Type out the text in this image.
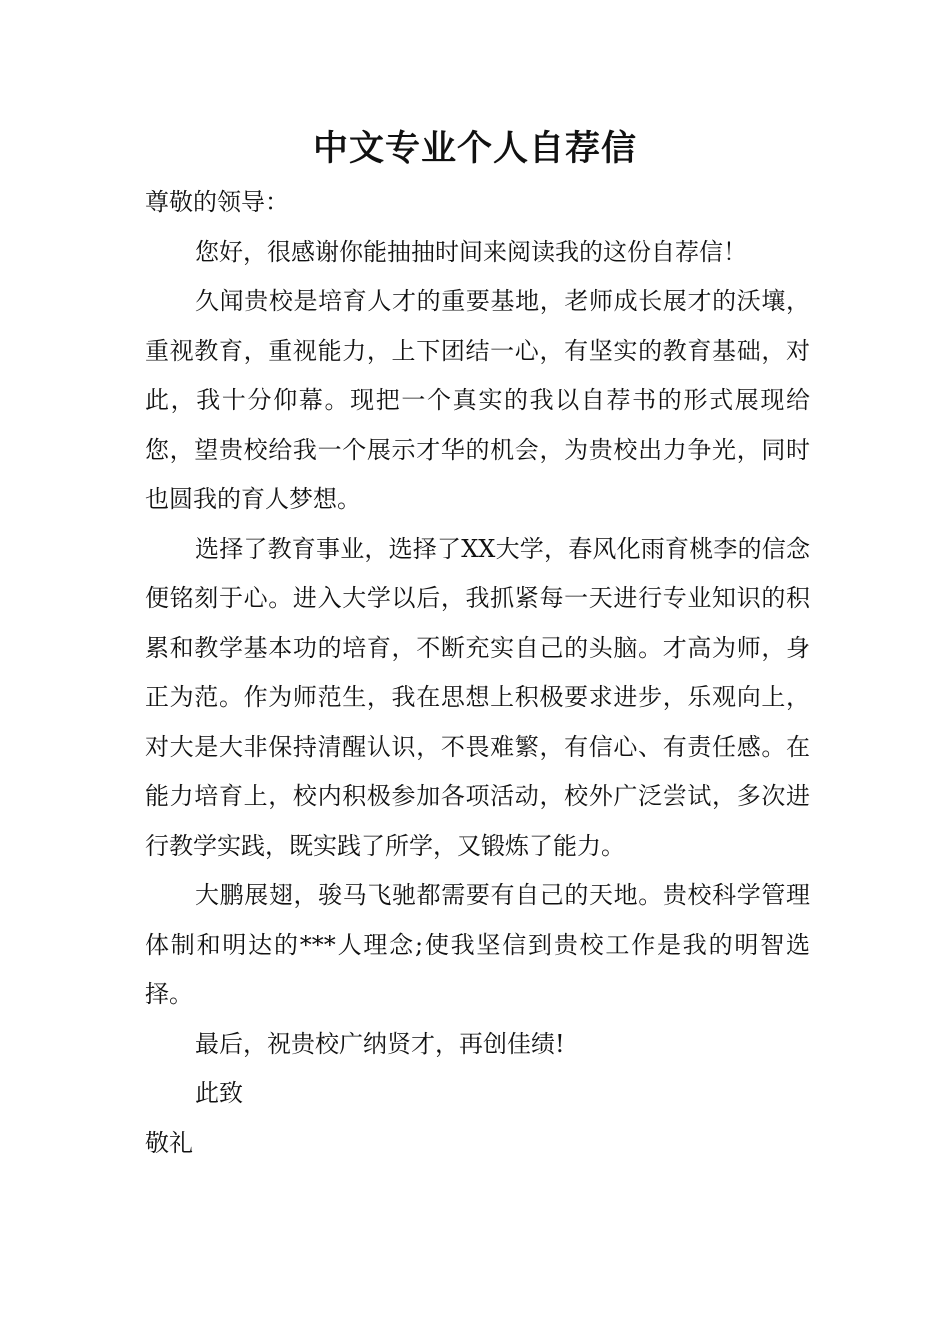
中文专业个人自荐信

尊敬的领导：

您好，很感谢你能抽抽时间来阅读我的这份自荐信！

久闻贵校是培育人才的重要基地，老师成长展才的沃壤，重视教育，重视能力，上下团结一心，有坚实的教育基础，对此，我十分仰幕。现把一个真实的我以自荐书的形式展现给您，望贵校给我一个展示才华的机会，为贵校出力争光，同时也圆我的育人梦想。

选择了教育事业，选择了XX大学，春风化雨育桃李的信念便铭刻于心。进入大学以后，我抓紧每一天进行专业知识的积累和教学基本功的培育，不断充实自己的头脑。才高为师，身正为范。作为师范生，我在思想上积极要求进步，乐观向上，对大是大非保持清醒认识，不畏难繁，有信心、有责任感。在能力培育上，校内积极参加各项活动，校外广泛尝试，多次进行教学实践，既实践了所学，又锻炼了能力。

大鹏展翅，骏马飞驰都需要有自己的天地。贵校科学管理体制和明达的***人理念;使我坚信到贵校工作是我的明智选择。

最后，祝贵校广纳贤才，再创佳绩!

此致

敬礼
